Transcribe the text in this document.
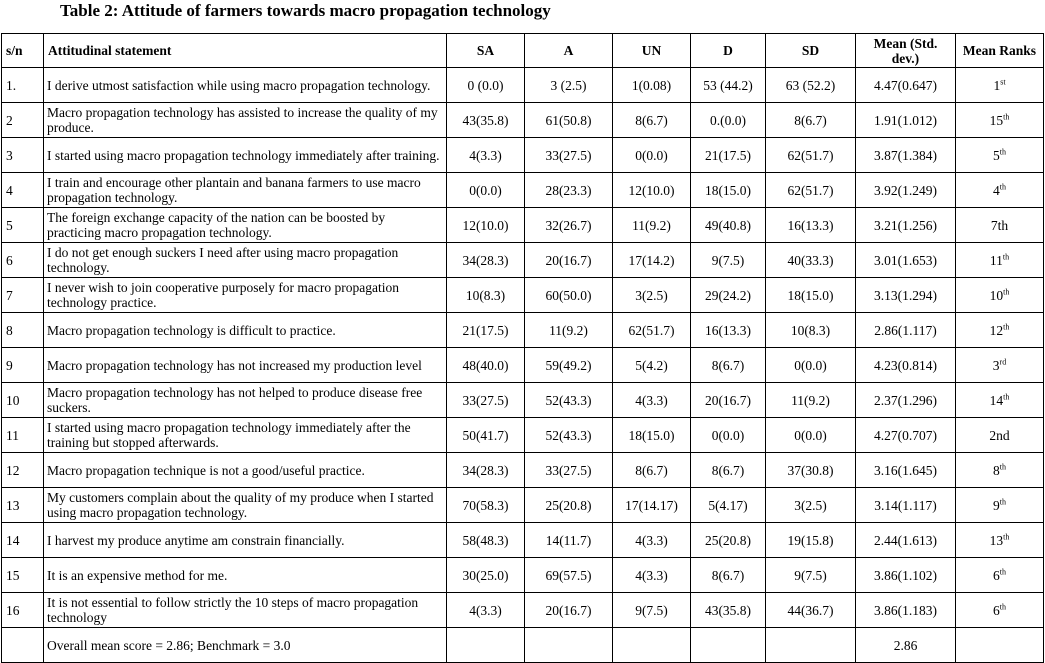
Table 2: Attitude of farmers towards macro propagation technology
s/n	Attitudinal statement	SA	A	UN	D	SD	Mean (Std. dev.)	Mean Ranks
1.	I derive utmost satisfaction while using macro propagation technology.	0 (0.0)	3 (2.5)	1(0.08)	53 (44.2)	63 (52.2)	4.47(0.647)	1st
2	Macro propagation technology has assisted to increase the quality of my produce.	43(35.8)	61(50.8)	8(6.7)	0.(0.0)	8(6.7)	1.91(1.012)	15th
3	I started using macro propagation technology immediately after training.	4(3.3)	33(27.5)	0(0.0)	21(17.5)	62(51.7)	3.87(1.384)	5th
4	I train and encourage other plantain and banana farmers to use macro propagation technology.	0(0.0)	28(23.3)	12(10.0)	18(15.0)	62(51.7)	3.92(1.249)	4th
5	The foreign exchange capacity of the nation can be boosted by practicing macro propagation technology.	12(10.0)	32(26.7)	11(9.2)	49(40.8)	16(13.3)	3.21(1.256)	7th
6	I do not get enough suckers I need after using macro propagation technology.	34(28.3)	20(16.7)	17(14.2)	9(7.5)	40(33.3)	3.01(1.653)	11th
7	I never wish to join cooperative purposely for macro propagation technology practice.	10(8.3)	60(50.0)	3(2.5)	29(24.2)	18(15.0)	3.13(1.294)	10th
8	Macro propagation technology is difficult to practice.	21(17.5)	11(9.2)	62(51.7)	16(13.3)	10(8.3)	2.86(1.117)	12th
9	Macro propagation technology has not increased my production level	48(40.0)	59(49.2)	5(4.2)	8(6.7)	0(0.0)	4.23(0.814)	3rd
10	Macro propagation technology has not helped to produce disease free suckers.	33(27.5)	52(43.3)	4(3.3)	20(16.7)	11(9.2)	2.37(1.296)	14th
11	I started using macro propagation technology immediately after the training but stopped afterwards.	50(41.7)	52(43.3)	18(15.0)	0(0.0)	0(0.0)	4.27(0.707)	2nd
12	Macro propagation technique is not a good/useful practice.	34(28.3)	33(27.5)	8(6.7)	8(6.7)	37(30.8)	3.16(1.645)	8th
13	My customers complain about the quality of my produce when I started using macro propagation technology.	70(58.3)	25(20.8)	17(14.17)	5(4.17)	3(2.5)	3.14(1.117)	9th
14	I harvest my produce anytime am constrain financially.	58(48.3)	14(11.7)	4(3.3)	25(20.8)	19(15.8)	2.44(1.613)	13th
15	It is an expensive method for me.	30(25.0)	69(57.5)	4(3.3)	8(6.7)	9(7.5)	3.86(1.102)	6th
16	It is not essential to follow strictly the 10 steps of macro propagation technology	4(3.3)	20(16.7)	9(7.5)	43(35.8)	44(36.7)	3.86(1.183)	6th
	Overall mean score = 2.86; Benchmark = 3.0						2.86	
